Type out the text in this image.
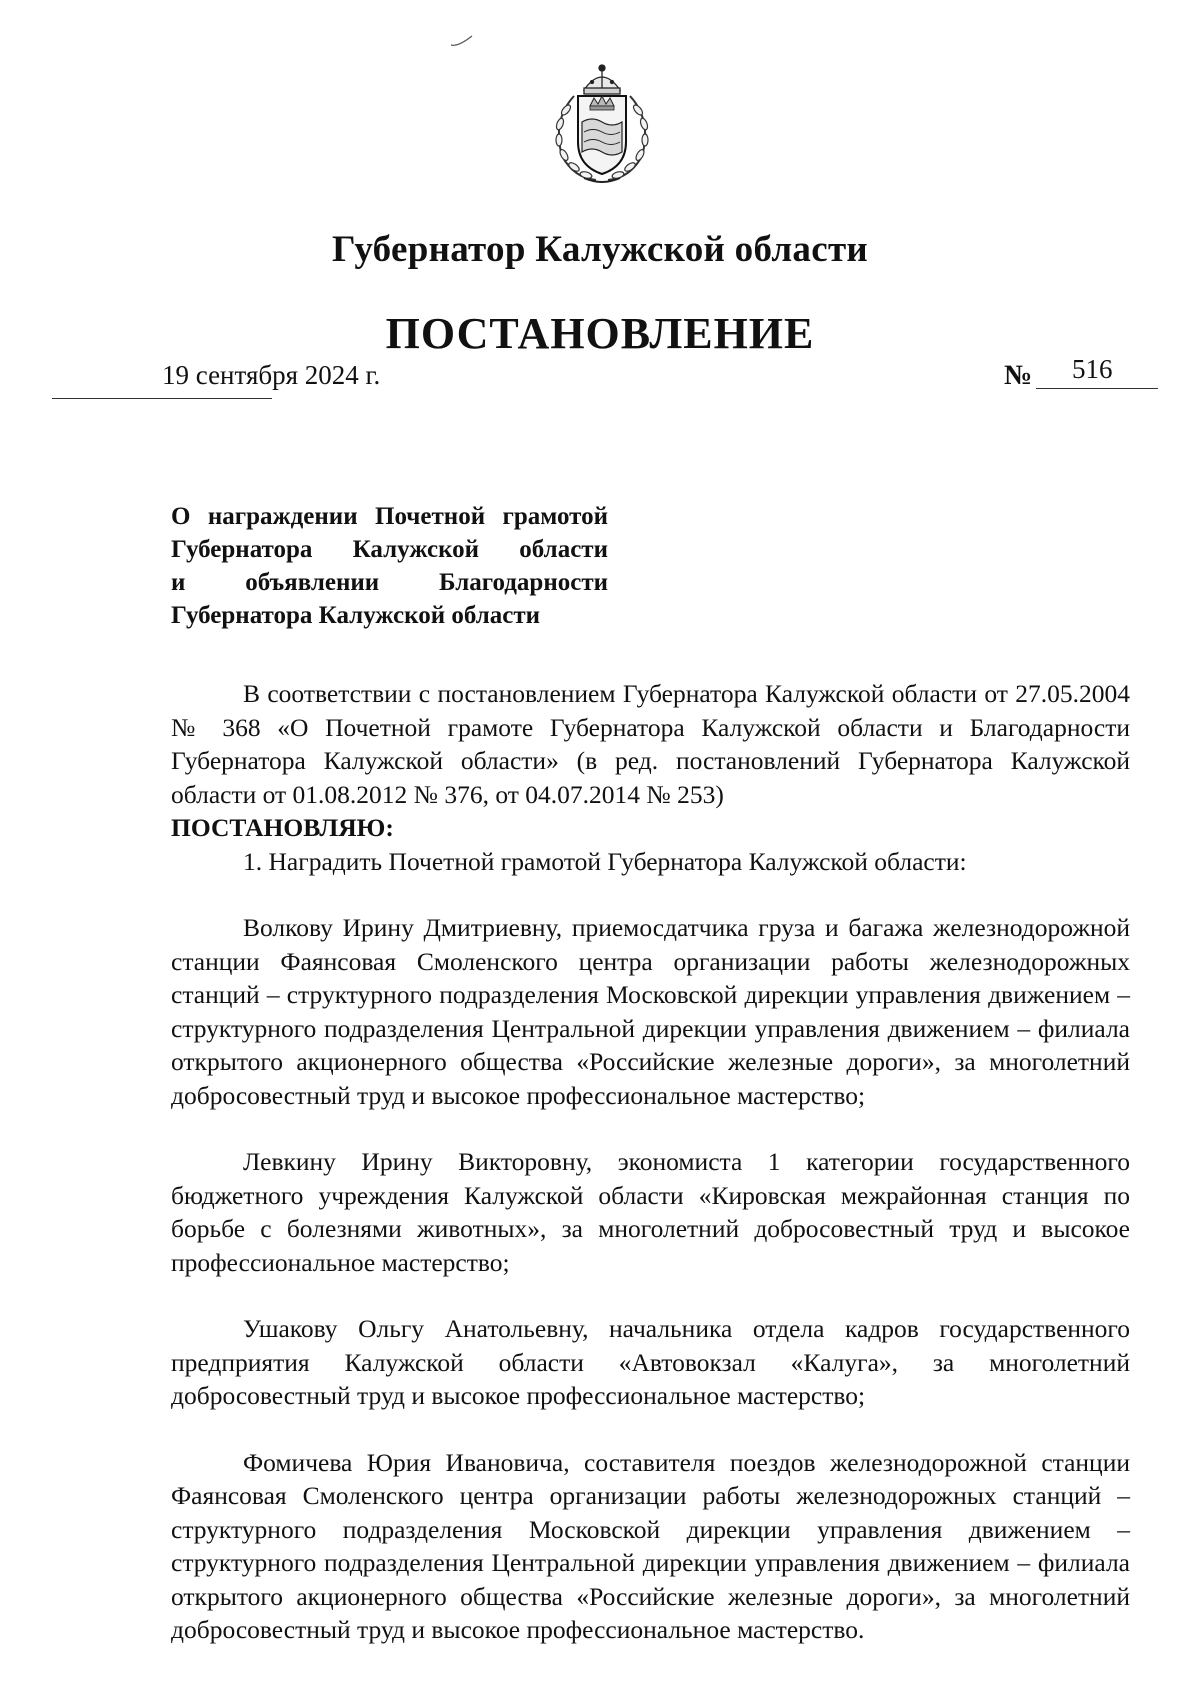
Губернатор Калужской области
ПОСТАНОВЛЕНИЕ
19 сентября 2024 г.	№ 516
О награждении Почетной грамотой
Губернатора Калужской области
и объявлении Благодарности
Губернатора Калужской области

В соответствии с постановлением Губернатора Калужской области от 27.05.2004 № 368 «О Почетной грамоте Губернатора Калужской области и Благодарности Губернатора Калужской области» (в ред. постановлений Губернатора Калужской области от 01.08.2012 № 376, от 04.07.2014 № 253)

ПОСТАНОВЛЯЮ:

1. Наградить Почетной грамотой Губернатора Калужской области:

Волкову Ирину Дмитриевну, приемосдатчика груза и багажа железнодорожной станции Фаянсовая Смоленского центра организации работы железнодорожных станций – структурного подразделения Московской дирекции управления движением – структурного подразделения Центральной дирекции управления движением – филиала открытого акционерного общества «Российские железные дороги», за многолетний добросовестный труд и высокое профессиональное мастерство;

Левкину Ирину Викторовну, экономиста 1 категории государственного бюджетного учреждения Калужской области «Кировская межрайонная станция по борьбе с болезнями животных», за многолетний добросовестный труд и высокое профессиональное мастерство;

Ушакову Ольгу Анатольевну, начальника отдела кадров государственного предприятия Калужской области «Автовокзал «Калуга», за многолетний добросовестный труд и высокое профессиональное мастерство;

Фомичева Юрия Ивановича, составителя поездов железнодорожной станции Фаянсовая Смоленского центра организации работы железнодорожных станций – структурного подразделения Московской дирекции управления движением – структурного подразделения Центральной дирекции управления движением – филиала открытого акционерного общества «Российские железные дороги», за многолетний добросовестный труд и высокое профессиональное мастерство.
